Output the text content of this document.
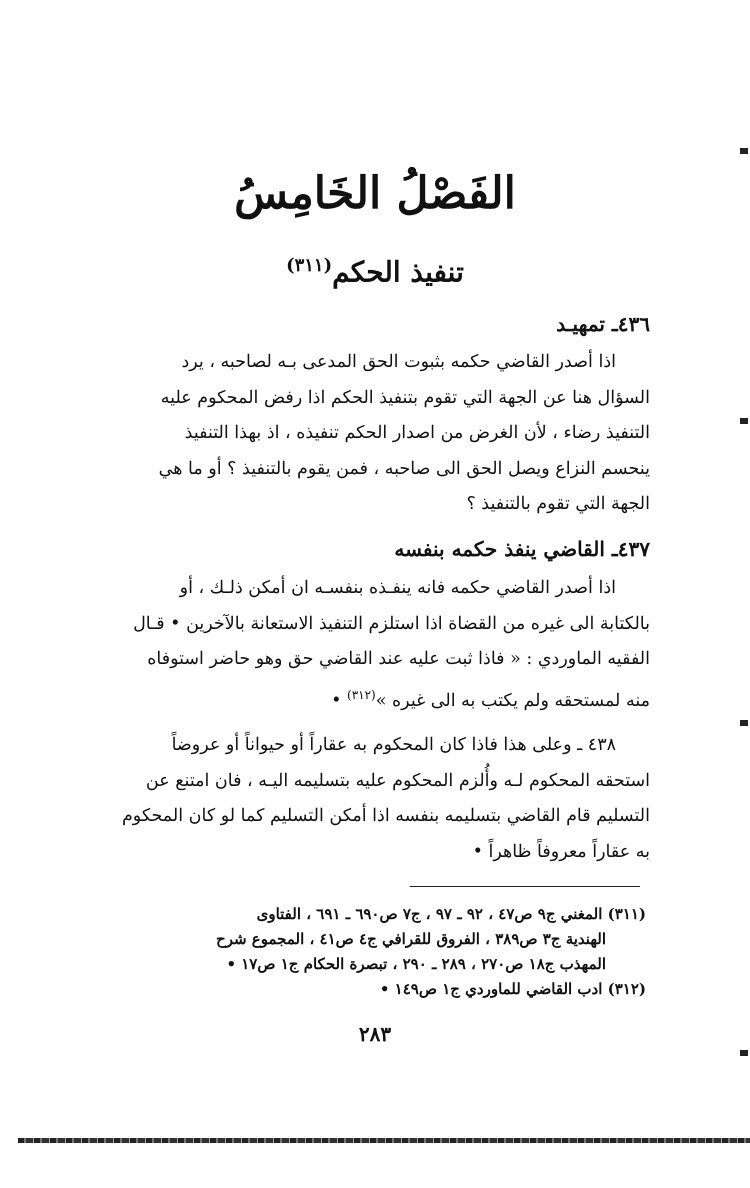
الفَصْلُ الخَامِسُ
تنفيذ الحكم$^{(٣١١)}$
٤٣٦ـ تمهيـد
اذا أصدر القاضي حكمه بثبوت الحق المدعى بـه لصاحبه ، يرد
السؤال هنا عن الجهة التي تقوم بتنفيذ الحكم اذا رفض المحكوم عليه
التنفيذ رضاء ، لأن الغرض من اصدار الحكم تنفيذه ، اذ بهذا التنفيذ
ينحسم النزاع ويصل الحق الى صاحبه ، فمن يقوم بالتنفيذ ؟ أو ما هي
الجهة التي تقوم بالتنفيذ ؟
٤٣٧ـ القاضي ينفذ حكمه بنفسه
اذا أصدر القاضي حكمه فانه ينفـذه بنفسـه ان أمكن ذلـك ، أو
بالكتابة الى غيره من القضاة اذا استلزم التنفيذ الاستعانة بالآخرين • قـال
الفقيه الماوردي : « فاذا ثبت عليه عند القاضي حق وهو حاضر استوفاه
منه لمستحقه ولم يكتب به الى غيره »$^{(٣١٢)}$ •
٤٣٨ ـ وعلى هذا فاذا كان المحكوم به عقاراً أو حيواناً أو عروضاً
استحقه المحكوم لـه وأُلزم المحكوم عليه بتسليمه اليـه ، فان امتنع عن
التسليم قام القاضي بتسليمه بنفسه اذا أمكن التسليم كما لو كان المحكوم
به عقاراً معروفاً ظاهراً •
(٣١١) المغني ج٩ ص٤٧ ، ٩٢ ـ ٩٧ ، ج٧ ص٦٩٠ ـ ٦٩١ ، الفتاوى
الهندية ج٣ ص٣٨٩ ، الفروق للقرافي ج٤ ص٤١ ، المجموع شرح
المهذب ج١٨ ص٢٧٠ ، ٢٨٩ ـ ٢٩٠ ، تبصرة الحكام ج١ ص١٧ •
(٣١٢) ادب القاضي للماوردي ج١ ص١٤٩ •
٢٨٣
